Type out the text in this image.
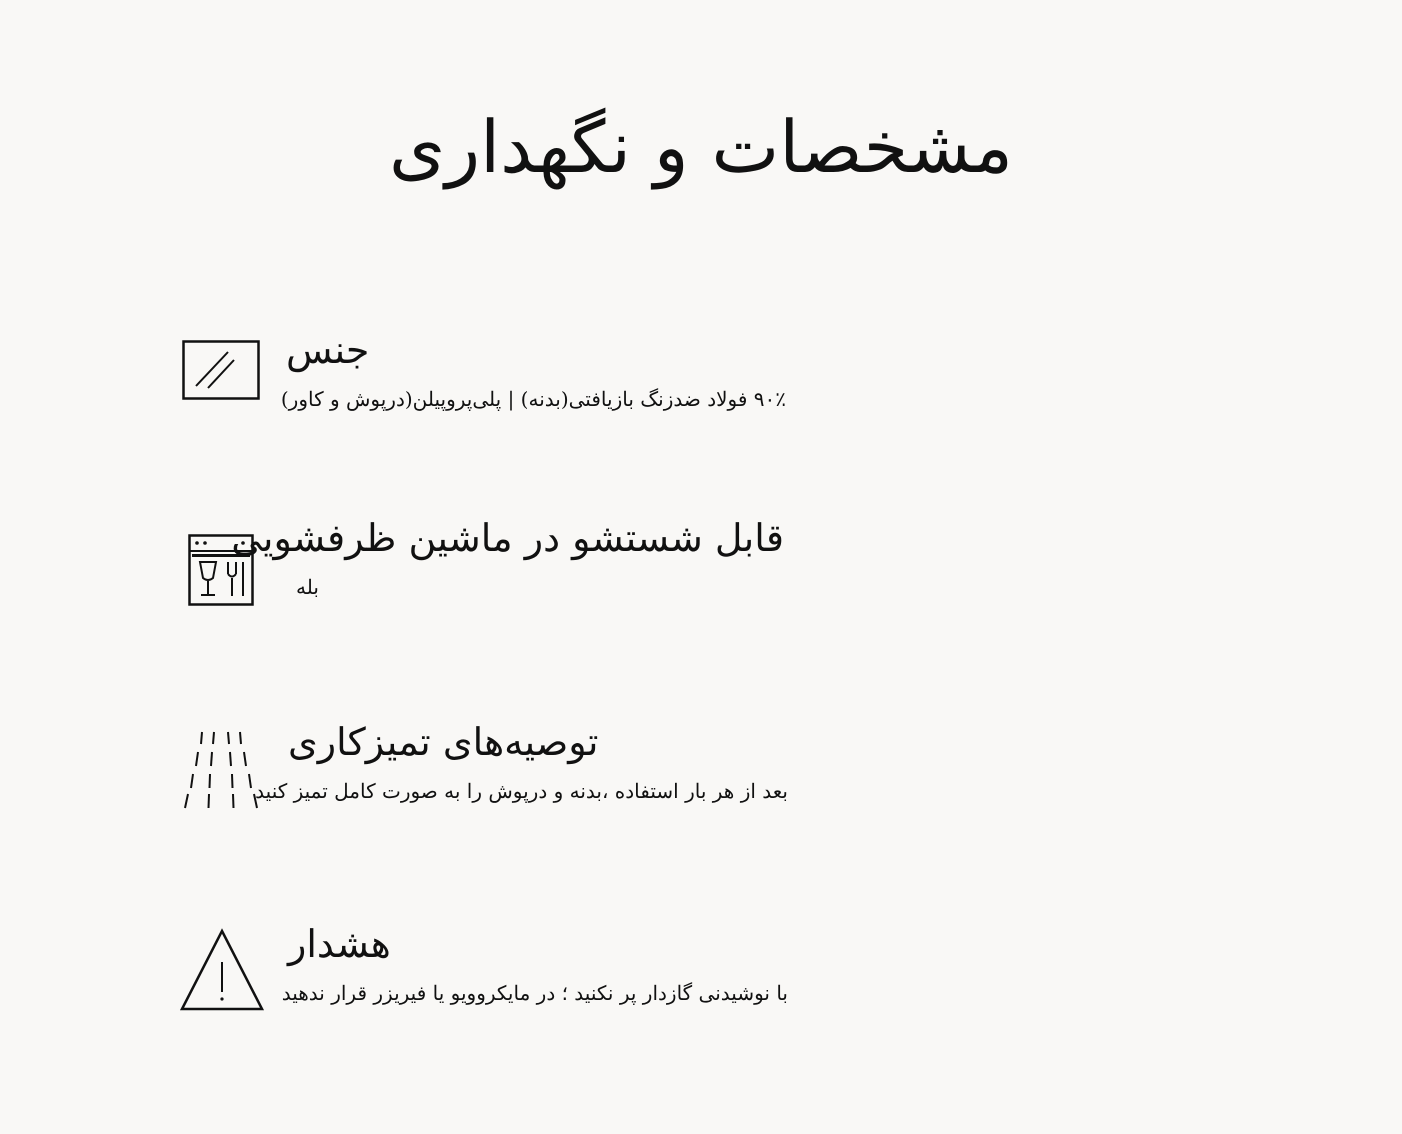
مشخصات و نگهداری
جنس
۹۰٪ فولاد ضدزنگ بازیافتی(بدنه) | پلی‌پروپیلن(درپوش و کاور)
قابل شستشو در ماشین ظرفشویی
بله
توصیه‌های تمیزکاری
بعد از هر بار استفاده ،بدنه و درپوش را به صورت کامل تمیز کنید
هشدار
با نوشیدنی گازدار پر نکنید ؛ در مایکروویو یا فیریزر قرار ندهید
